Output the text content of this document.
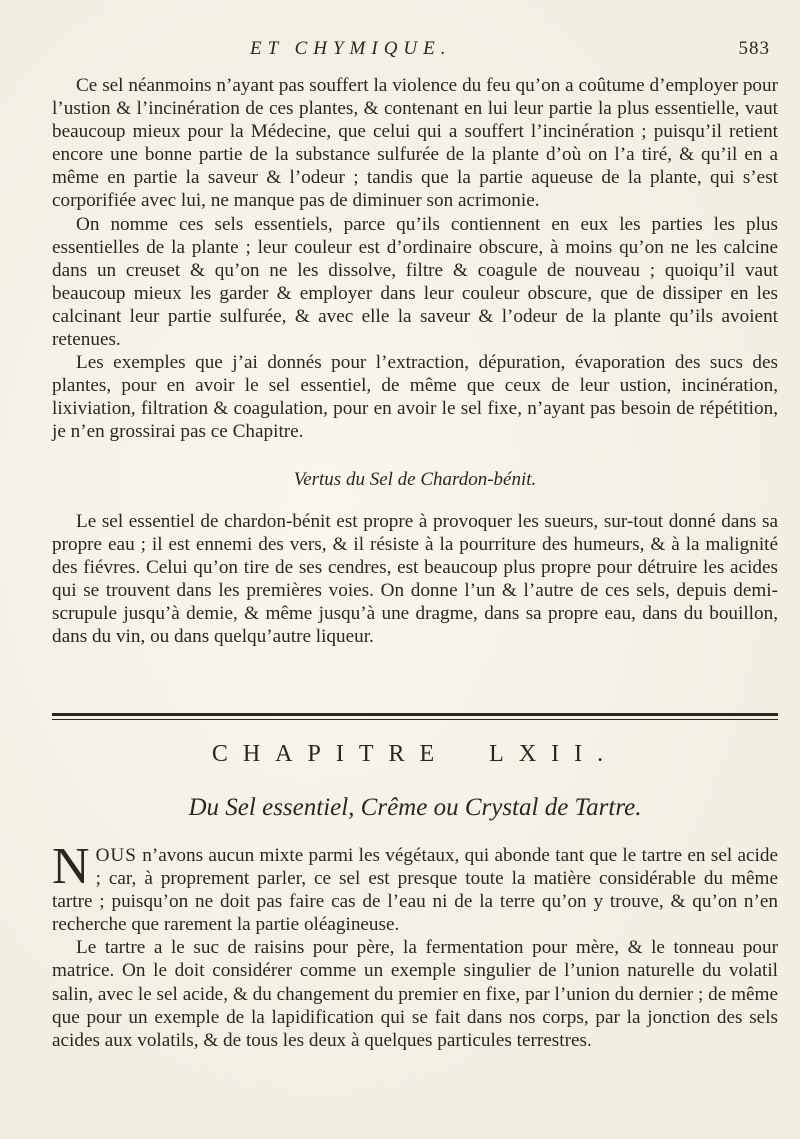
ET CHYMIQUE.	583

Ce sel néanmoins n’ayant pas souffert la violence du feu qu’on a coûtume d’employer pour l’ustion & l’incinération de ces plantes, & contenant en lui leur partie la plus essentielle, vaut beaucoup mieux pour la Médecine, que celui qui a souffert l’incinération ; puisqu’il retient encore une bonne partie de la substance sulfurée de la plante d’où on l’a tiré, & qu’il en a même en partie la saveur & l’odeur ; tandis que la partie aqueuse de la plante, qui s’est corporifiée avec lui, ne manque pas de diminuer son acrimonie.

On nomme ces sels essentiels, parce qu’ils contiennent en eux les parties les plus essentielles de la plante ; leur couleur est d’ordinaire obscure, à moins qu’on ne les calcine dans un creuset & qu’on ne les dissolve, filtre & coagule de nouveau ; quoiqu’il vaut beaucoup mieux les garder & employer dans leur couleur obscure, que de dissiper en les calcinant leur partie sulfurée, & avec elle la saveur & l’odeur de la plante qu’ils avoient retenues.

Les exemples que j’ai donnés pour l’extraction, dépuration, évaporation des sucs des plantes, pour en avoir le sel essentiel, de même que ceux de leur ustion, incinération, lixiviation, filtration & coagulation, pour en avoir le sel fixe, n’ayant pas besoin de répétition, je n’en grossirai pas ce Chapitre.

Vertus du Sel de Chardon-bénit.

Le sel essentiel de chardon-bénit est propre à provoquer les sueurs, sur-tout donné dans sa propre eau ; il est ennemi des vers, & il résiste à la pourriture des humeurs, & à la malignité des fiévres. Celui qu’on tire de ses cendres, est beaucoup plus propre pour détruire les acides qui se trouvent dans les premières voies. On donne l’un & l’autre de ces sels, depuis demi-scrupule jusqu’à demie, & même jusqu’à une dragme, dans sa propre eau, dans du bouillon, dans du vin, ou dans quelqu’autre liqueur.

CHAPITRE LXII.
Du Sel essentiel, Crême ou Crystal de Tartre.

NOUS n’avons aucun mixte parmi les végétaux, qui abonde tant que le tartre en sel acide ; car, à proprement parler, ce sel est presque toute la matière considérable du même tartre ; puisqu’on ne doit pas faire cas de l’eau ni de la terre qu’on y trouve, & qu’on n’en recherche que rarement la partie oléagineuse.

Le tartre a le suc de raisins pour père, la fermentation pour mère, & le tonneau pour matrice. On le doit considérer comme un exemple singulier de l’union naturelle du volatil salin, avec le sel acide, & du changement du premier en fixe, par l’union du dernier ; de même que pour un exemple de la lapidification qui se fait dans nos corps, par la jonction des sels acides aux volatils, & de tous les deux à quelques particules terrestres.
